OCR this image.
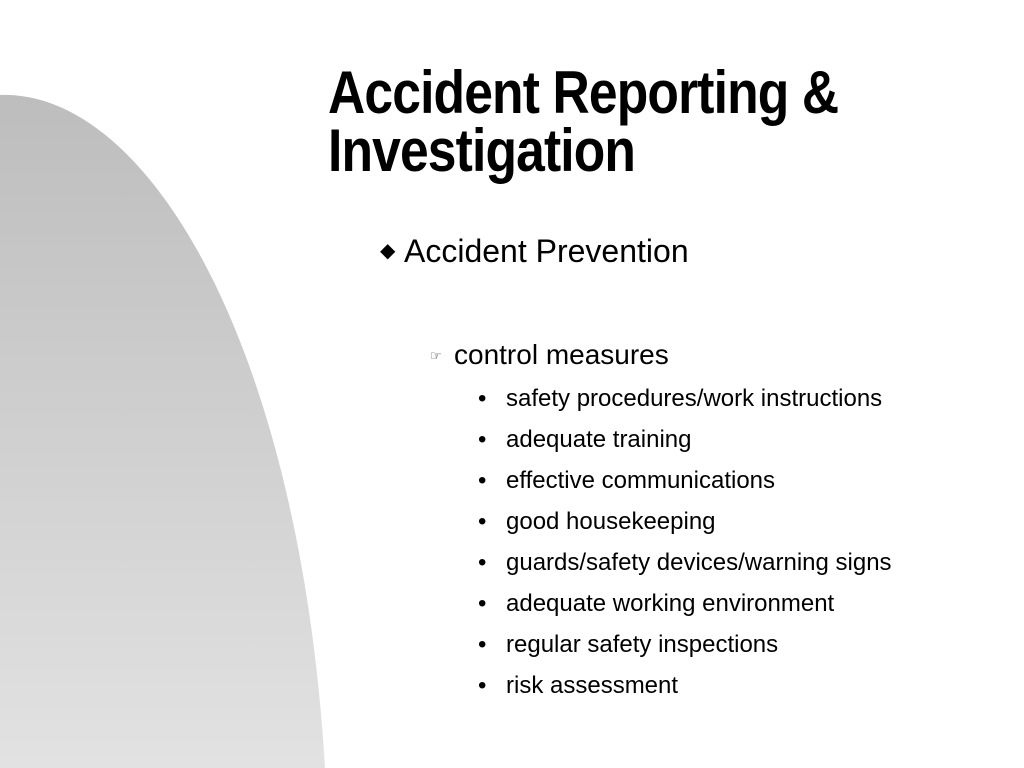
Accident Reporting &
Investigation
◆ Accident Prevention
☞ control measures
• safety procedures/work instructions
• adequate training
• effective communications
• good housekeeping
• guards/safety devices/warning signs
• adequate working environment
• regular safety inspections
• risk assessment
